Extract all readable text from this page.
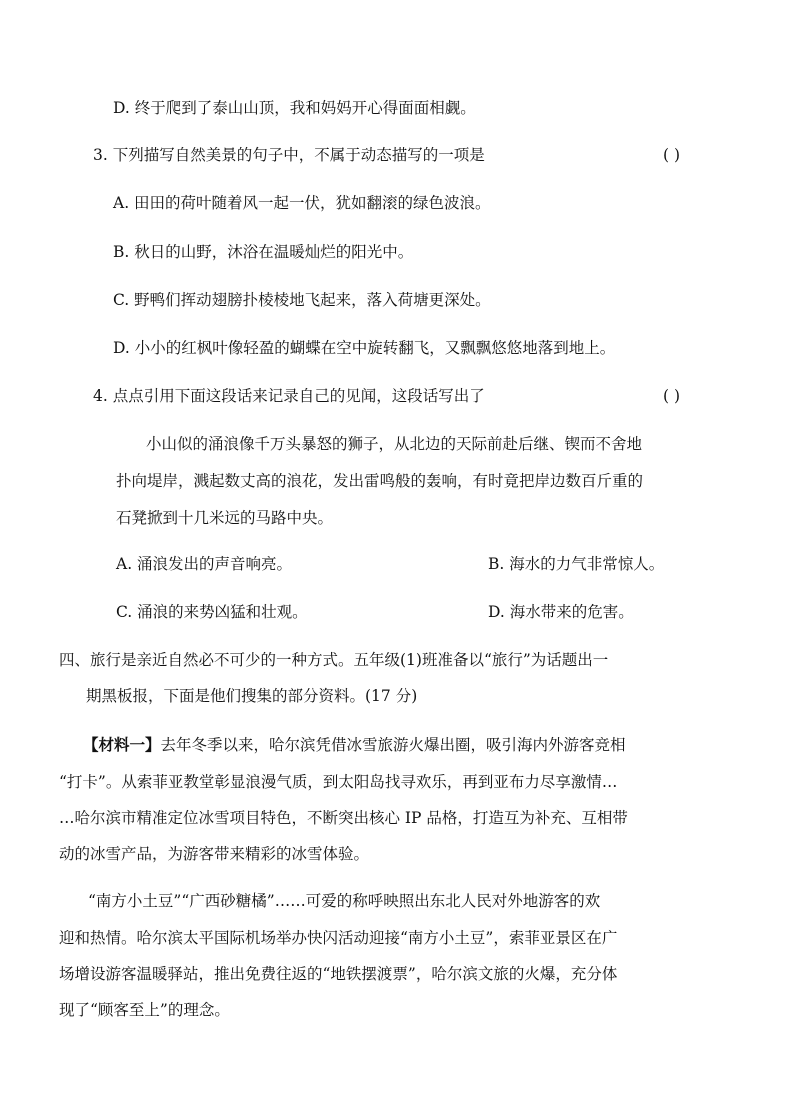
D. 终于爬到了泰山山顶，我和妈妈开心得面面相觑。
3. 下列描写自然美景的句子中，不属于动态描写的一项是	( )
A. 田田的荷叶随着风一起一伏，犹如翻滚的绿色波浪。
B. 秋日的山野，沐浴在温暖灿烂的阳光中。
C. 野鸭们挥动翅膀扑棱棱地飞起来，落入荷塘更深处。
D. 小小的红枫叶像轻盈的蝴蝶在空中旋转翻飞，又飘飘悠悠地落到地上。
4. 点点引用下面这段话来记录自己的见闻，这段话写出了	( )
小山似的涌浪像千万头暴怒的狮子，从北边的天际前赴后继、锲而不舍地
扑向堤岸，溅起数丈高的浪花，发出雷鸣般的轰响，有时竟把岸边数百斤重的
石凳掀到十几米远的马路中央。
A. 涌浪发出的声音响亮。	B. 海水的力气非常惊人。
C. 涌浪的来势凶猛和壮观。	D. 海水带来的危害。
四、旅行是亲近自然必不可少的一种方式。五年级(1)班准备以“旅行”为话题出一
期黑板报，下面是他们搜集的部分资料。(17 分)
【材料一】去年冬季以来，哈尔滨凭借冰雪旅游火爆出圈，吸引海内外游客竞相
“打卡”。从索菲亚教堂彰显浪漫气质，到太阳岛找寻欢乐，再到亚布力尽享激情…
…哈尔滨市精准定位冰雪项目特色，不断突出核心 IP 品格，打造互为补充、互相带
动的冰雪产品，为游客带来精彩的冰雪体验。
“南方小土豆”“广西砂糖橘”……可爱的称呼映照出东北人民对外地游客的欢
迎和热情。哈尔滨太平国际机场举办快闪活动迎接“南方小土豆”，索菲亚景区在广
场增设游客温暖驿站，推出免费往返的“地铁摆渡票”，哈尔滨文旅的火爆，充分体
现了“顾客至上”的理念。
